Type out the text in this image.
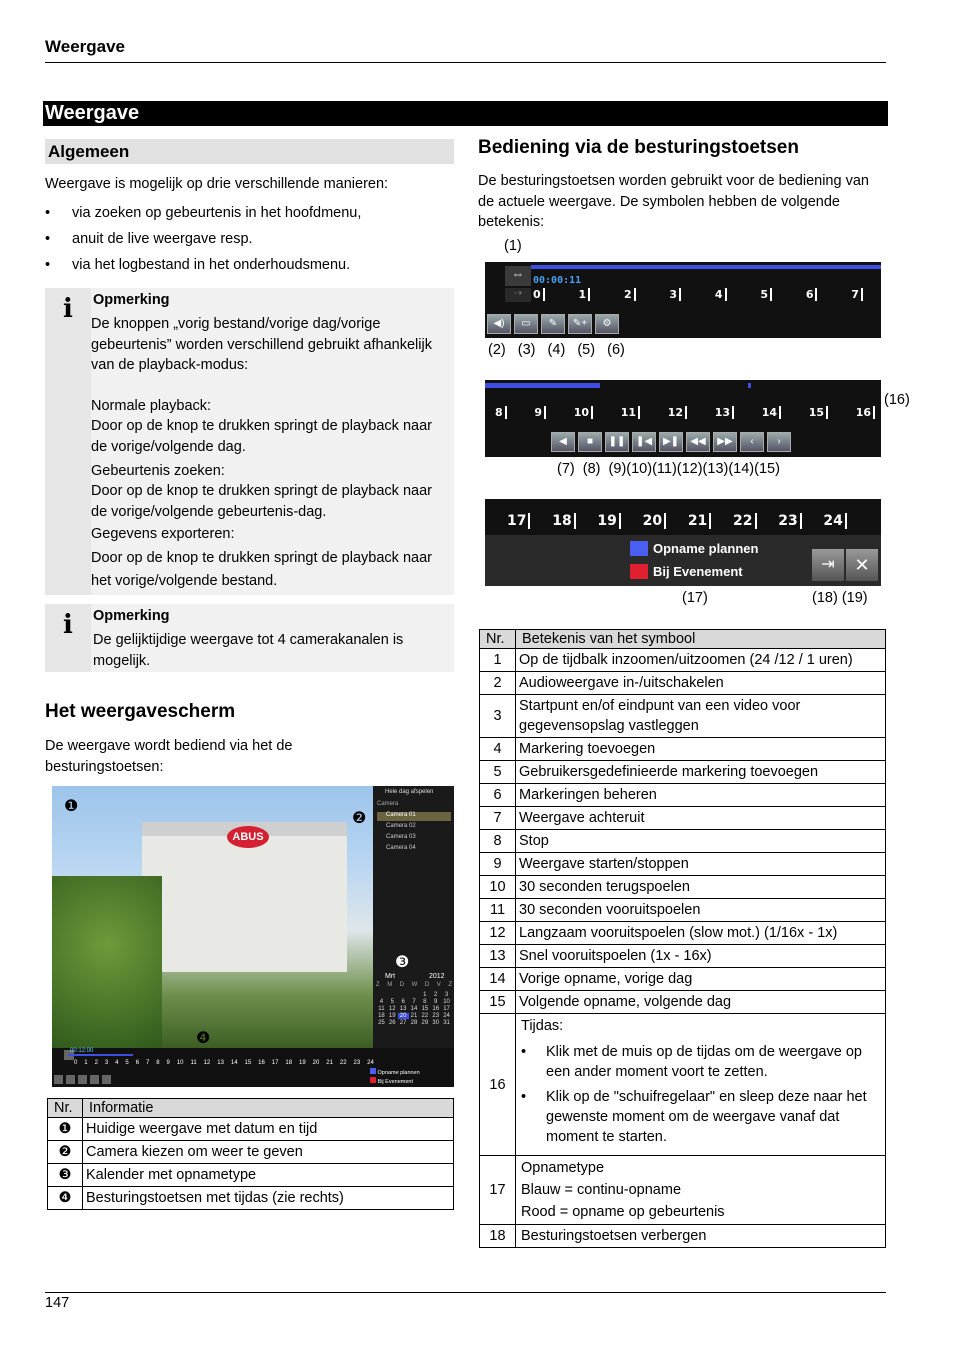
Weergave
Weergave
Algemeen
Weergave is mogelijk op drie verschillende manieren:
• via zoeken op gebeurtenis in het hoofdmenu,
• anuit de live weergave resp.
• via het logbestand in het onderhoudsmenu.
i	Opmerking
De knoppen „vorig bestand/vorige dag/vorige gebeurtenis” worden verschillend gebruikt afhankelijk van de playback-modus:
Normale playback:
Door op de knop te drukken springt de playback naar de vorige/volgende dag.
Gebeurtenis zoeken:
Door op de knop te drukken springt de playback naar de vorige/volgende gebeurtenis-dag.
Gegevens exporteren:
Door op de knop te drukken springt de playback naar het vorige/volgende bestand.
i	Opmerking
De gelijktijdige weergave tot 4 camerakanalen is mogelijk.
Het weergavescherm
De weergave wordt bediend via het de besturingstoetsen:
ABUS
❶
❷
❹
Hele dag afspelen
Camera
Camera 01
Camera 02
Camera 03
Camera 04
❸
Mrt	2012
Z M D W D V Z
1	2	3
4	5	6	7	8	9 10
11 12 13 14 15 16 17
18 19 20 21 22 23 24
25 26 27 28 29 30 31
00:12:00
0 1 2 3 4 5 6 7 8 9 10 11 12 13 14 15 16 17 18 19 20 21 22 23 24
Opname plannen
Bij Evenement
Nr.	Informatie
❶	Huidige weergave met datum en tijd
❷	Camera kiezen om weer te geven
❸	Kalender met opnametype
❹	Besturingstoetsen met tijdas (zie rechts)
Bediening via de besturingstoetsen
De besturingstoetsen worden gebruikt voor de bediening van de actuele weergave. De symbolen hebben de volgende betekenis:
(1)
⇔
⇢
00:00:11
0	1	2	3	4	5	6	7
◀)	▭	✎	✎+	⚙
(2)  (3)  (4)  (5)  (6)
8	9	10	11	12	13	14	15	16
◀	■	❚❚	❚◀	▶❚	◀◀	▶▶	‹	›
(16)
(7)  (8)  (9)(10)(11)(12)(13)(14)(15)
17 18 19 20 21 22 23 24
Opname plannen
Bij Evenement	⇥	✕
(17)	(18) (19)
Nr.	Betekenis van het symbool
1	Op de tijdbalk inzoomen/uitzoomen (24 /12 / 1 uren)
2	Audioweergave in-/uitschakelen
3	Startpunt en/of eindpunt van een video voor gegevensopslag vastleggen
4	Markering toevoegen
5	Gebruikersgedefinieerde markering toevoegen
6	Markeringen beheren
7	Weergave achteruit
8	Stop
9	Weergave starten/stoppen
10	30 seconden terugspoelen
11	30 seconden vooruitspoelen
12	Langzaam vooruitspoelen (slow mot.) (1/16x - 1x)
13	Snel vooruitspoelen (1x - 16x)
14	Vorige opname, vorige dag
15	Volgende opname, volgende dag
16	Tijdas:
• Klik met de muis op de tijdas om de weergave op een ander moment voort te zetten.
• Klik op de "schuifregelaar" en sleep deze naar het gewenste moment om de weergave vanaf dat moment te starten.

17	Opnametype
Blauw = continu-opname
Rood = opname op gebeurtenis

18	Besturingstoetsen verbergen
147
